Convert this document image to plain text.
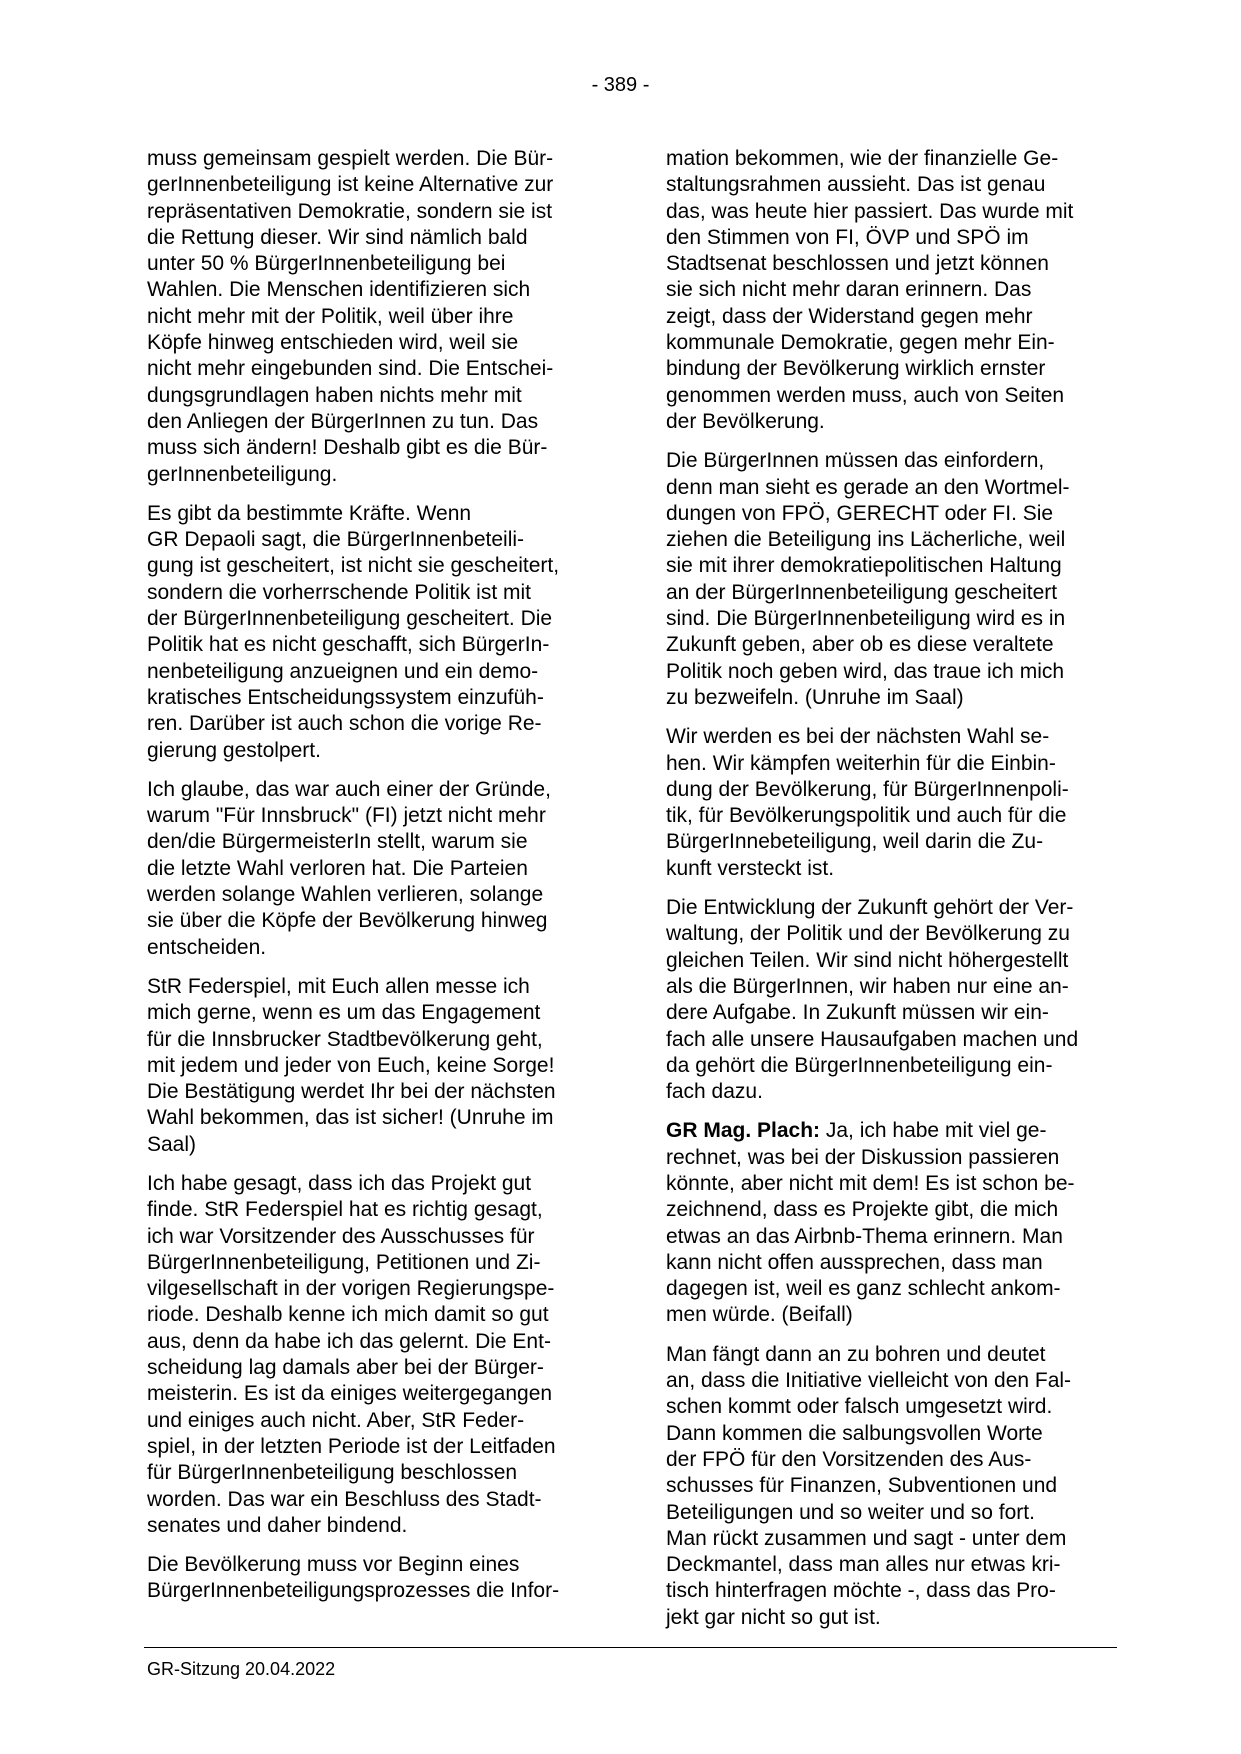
- 389 -

muss gemeinsam gespielt werden. Die Bür-
gerInnenbeteiligung ist keine Alternative zur
repräsentativen Demokratie, sondern sie ist
die Rettung dieser. Wir sind nämlich bald
unter 50 % BürgerInnenbeteiligung bei
Wahlen. Die Menschen identifizieren sich
nicht mehr mit der Politik, weil über ihre
Köpfe hinweg entschieden wird, weil sie
nicht mehr eingebunden sind. Die Entschei-
dungsgrundlagen haben nichts mehr mit
den Anliegen der BürgerInnen zu tun. Das
muss sich ändern! Deshalb gibt es die Bür-
gerInnenbeteiligung.

Es gibt da bestimmte Kräfte. Wenn
GR Depaoli sagt, die BürgerInnenbeteili-
gung ist gescheitert, ist nicht sie gescheitert,
sondern die vorherrschende Politik ist mit
der BürgerInnenbeteiligung gescheitert. Die
Politik hat es nicht geschafft, sich BürgerIn-
nenbeteiligung anzueignen und ein demo-
kratisches Entscheidungssystem einzufüh-
ren. Darüber ist auch schon die vorige Re-
gierung gestolpert.

Ich glaube, das war auch einer der Gründe,
warum "Für Innsbruck" (FI) jetzt nicht mehr
den/die BürgermeisterIn stellt, warum sie
die letzte Wahl verloren hat. Die Parteien
werden solange Wahlen verlieren, solange
sie über die Köpfe der Bevölkerung hinweg
entscheiden.

StR Federspiel, mit Euch allen messe ich
mich gerne, wenn es um das Engagement
für die Innsbrucker Stadtbevölkerung geht,
mit jedem und jeder von Euch, keine Sorge!
Die Bestätigung werdet Ihr bei der nächsten
Wahl bekommen, das ist sicher! (Unruhe im
Saal)

Ich habe gesagt, dass ich das Projekt gut
finde. StR Federspiel hat es richtig gesagt,
ich war Vorsitzender des Ausschusses für
BürgerInnenbeteiligung, Petitionen und Zi-
vilgesellschaft in der vorigen Regierungspe-
riode. Deshalb kenne ich mich damit so gut
aus, denn da habe ich das gelernt. Die Ent-
scheidung lag damals aber bei der Bürger-
meisterin. Es ist da einiges weitergegangen
und einiges auch nicht. Aber, StR Feder-
spiel, in der letzten Periode ist der Leitfaden
für BürgerInnenbeteiligung beschlossen
worden. Das war ein Beschluss des Stadt-
senates und daher bindend.

Die Bevölkerung muss vor Beginn eines
BürgerInnenbeteiligungsprozesses die Infor-

mation bekommen, wie der finanzielle Ge-
staltungsrahmen aussieht. Das ist genau
das, was heute hier passiert. Das wurde mit
den Stimmen von FI, ÖVP und SPÖ im
Stadtsenat beschlossen und jetzt können
sie sich nicht mehr daran erinnern. Das
zeigt, dass der Widerstand gegen mehr
kommunale Demokratie, gegen mehr Ein-
bindung der Bevölkerung wirklich ernster
genommen werden muss, auch von Seiten
der Bevölkerung.

Die BürgerInnen müssen das einfordern,
denn man sieht es gerade an den Wortmel-
dungen von FPÖ, GERECHT oder FI. Sie
ziehen die Beteiligung ins Lächerliche, weil
sie mit ihrer demokratiepolitischen Haltung
an der BürgerInnenbeteiligung gescheitert
sind. Die BürgerInnenbeteiligung wird es in
Zukunft geben, aber ob es diese veraltete
Politik noch geben wird, das traue ich mich
zu bezweifeln. (Unruhe im Saal)

Wir werden es bei der nächsten Wahl se-
hen. Wir kämpfen weiterhin für die Einbin-
dung der Bevölkerung, für BürgerInnenpoli-
tik, für Bevölkerungspolitik und auch für die
BürgerInnebeteiligung, weil darin die Zu-
kunft versteckt ist.

Die Entwicklung der Zukunft gehört der Ver-
waltung, der Politik und der Bevölkerung zu
gleichen Teilen. Wir sind nicht höhergestellt
als die BürgerInnen, wir haben nur eine an-
dere Aufgabe. In Zukunft müssen wir ein-
fach alle unsere Hausaufgaben machen und
da gehört die BürgerInnenbeteiligung ein-
fach dazu.

GR Mag. Plach: Ja, ich habe mit viel ge-
rechnet, was bei der Diskussion passieren
könnte, aber nicht mit dem! Es ist schon be-
zeichnend, dass es Projekte gibt, die mich
etwas an das Airbnb-Thema erinnern. Man
kann nicht offen aussprechen, dass man
dagegen ist, weil es ganz schlecht ankom-
men würde. (Beifall)

Man fängt dann an zu bohren und deutet
an, dass die Initiative vielleicht von den Fal-
schen kommt oder falsch umgesetzt wird.
Dann kommen die salbungsvollen Worte
der FPÖ für den Vorsitzenden des Aus-
schusses für Finanzen, Subventionen und
Beteiligungen und so weiter und so fort.
Man rückt zusammen und sagt - unter dem
Deckmantel, dass man alles nur etwas kri-
tisch hinterfragen möchte -, dass das Pro-
jekt gar nicht so gut ist.

GR-Sitzung 20.04.2022
